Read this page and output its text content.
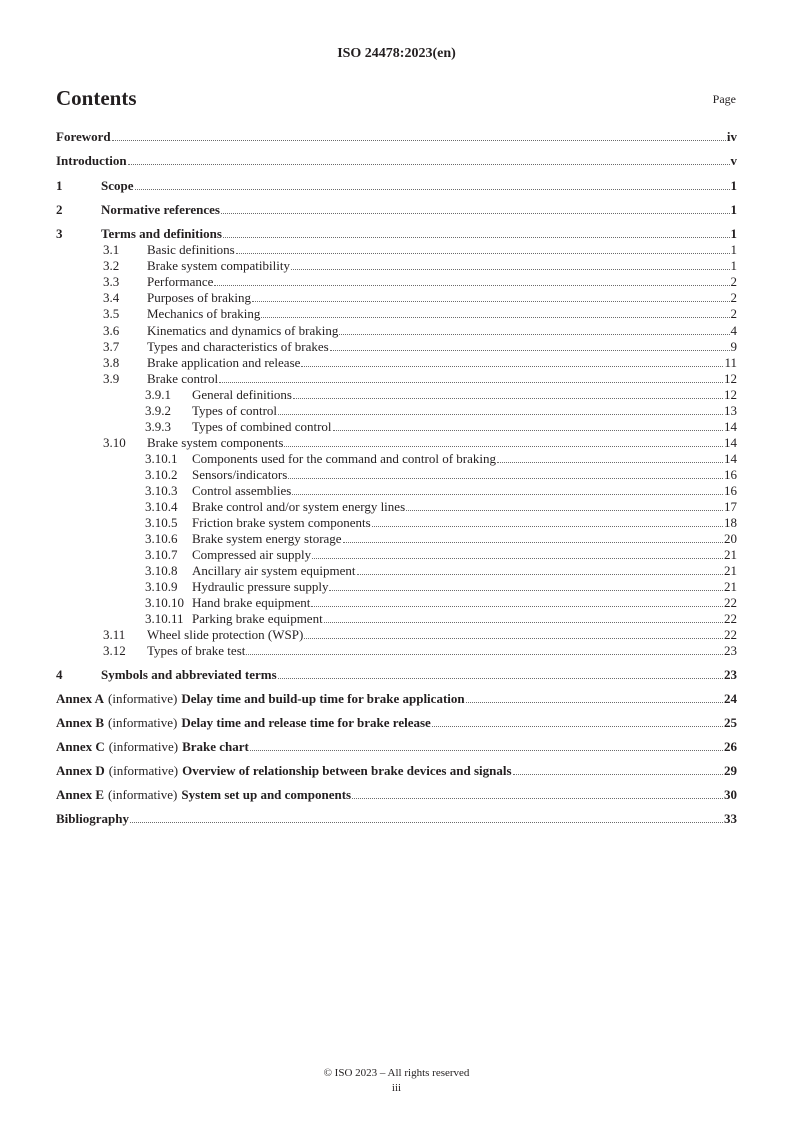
ISO 24478:2023(en)
Contents	Page
Foreword	iv
Introduction	v
1	Scope	1
2	Normative references	1
3	Terms and definitions	1
3.1	Basic definitions	1
3.2	Brake system compatibility	1
3.3	Performance	2
3.4	Purposes of braking	2
3.5	Mechanics of braking	2
3.6	Kinematics and dynamics of braking	4
3.7	Types and characteristics of brakes	9
3.8	Brake application and release	11
3.9	Brake control	12
3.9.1	General definitions	12
3.9.2	Types of control	13
3.9.3	Types of combined control	14
3.10	Brake system components	14
3.10.1	Components used for the command and control of braking	14
3.10.2	Sensors/indicators	16
3.10.3	Control assemblies	16
3.10.4	Brake control and/or system energy lines	17
3.10.5	Friction brake system components	18
3.10.6	Brake system energy storage	20
3.10.7	Compressed air supply	21
3.10.8	Ancillary air system equipment	21
3.10.9	Hydraulic pressure supply	21
3.10.10 Hand brake equipment	22
3.10.11 Parking brake equipment	22
3.11	Wheel slide protection (WSP)	22
3.12	Types of brake test	23
4	Symbols and abbreviated terms	23
Annex A (informative) Delay time and build-up time for brake application	24
Annex B (informative) Delay time and release time for brake release	25
Annex C (informative) Brake chart	26
Annex D (informative) Overview of relationship between brake devices and signals	29
Annex E (informative) System set up and components	30
Bibliography	33
© ISO 2023 – All rights reserved
iii
